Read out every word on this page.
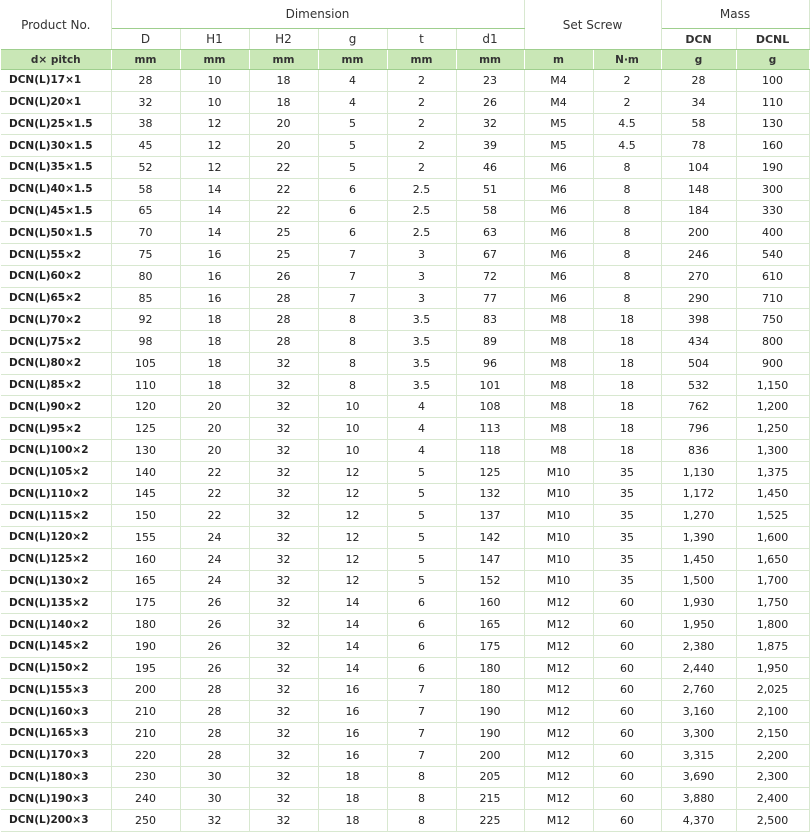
Product No.	Dimension						Set Screw		Mass	
	D	H1	H2	g	t	d1			DCN	DCNL
d× pitch	mm	mm	mm	mm	mm	mm	m	N·m	g	g
DCN(L)17×1	28	10	18	4	2	23	M4	2	28	100
DCN(L)20×1	32	10	18	4	2	26	M4	2	34	110
DCN(L)25×1.5	38	12	20	5	2	32	M5	4.5	58	130
DCN(L)30×1.5	45	12	20	5	2	39	M5	4.5	78	160
DCN(L)35×1.5	52	12	22	5	2	46	M6	8	104	190
DCN(L)40×1.5	58	14	22	6	2.5	51	M6	8	148	300
DCN(L)45×1.5	65	14	22	6	2.5	58	M6	8	184	330
DCN(L)50×1.5	70	14	25	6	2.5	63	M6	8	200	400
DCN(L)55×2	75	16	25	7	3	67	M6	8	246	540
DCN(L)60×2	80	16	26	7	3	72	M6	8	270	610
DCN(L)65×2	85	16	28	7	3	77	M6	8	290	710
DCN(L)70×2	92	18	28	8	3.5	83	M8	18	398	750
DCN(L)75×2	98	18	28	8	3.5	89	M8	18	434	800
DCN(L)80×2	105	18	32	8	3.5	96	M8	18	504	900
DCN(L)85×2	110	18	32	8	3.5	101	M8	18	532	1,150
DCN(L)90×2	120	20	32	10	4	108	M8	18	762	1,200
DCN(L)95×2	125	20	32	10	4	113	M8	18	796	1,250
DCN(L)100×2	130	20	32	10	4	118	M8	18	836	1,300
DCN(L)105×2	140	22	32	12	5	125	M10	35	1,130	1,375
DCN(L)110×2	145	22	32	12	5	132	M10	35	1,172	1,450
DCN(L)115×2	150	22	32	12	5	137	M10	35	1,270	1,525
DCN(L)120×2	155	24	32	12	5	142	M10	35	1,390	1,600
DCN(L)125×2	160	24	32	12	5	147	M10	35	1,450	1,650
DCN(L)130×2	165	24	32	12	5	152	M10	35	1,500	1,700
DCN(L)135×2	175	26	32	14	6	160	M12	60	1,930	1,750
DCN(L)140×2	180	26	32	14	6	165	M12	60	1,950	1,800
DCN(L)145×2	190	26	32	14	6	175	M12	60	2,380	1,875
DCN(L)150×2	195	26	32	14	6	180	M12	60	2,440	1,950
DCN(L)155×3	200	28	32	16	7	180	M12	60	2,760	2,025
DCN(L)160×3	210	28	32	16	7	190	M12	60	3,160	2,100
DCN(L)165×3	210	28	32	16	7	190	M12	60	3,300	2,150
DCN(L)170×3	220	28	32	16	7	200	M12	60	3,315	2,200
DCN(L)180×3	230	30	32	18	8	205	M12	60	3,690	2,300
DCN(L)190×3	240	30	32	18	8	215	M12	60	3,880	2,400
DCN(L)200×3	250	32	32	18	8	225	M12	60	4,370	2,500
